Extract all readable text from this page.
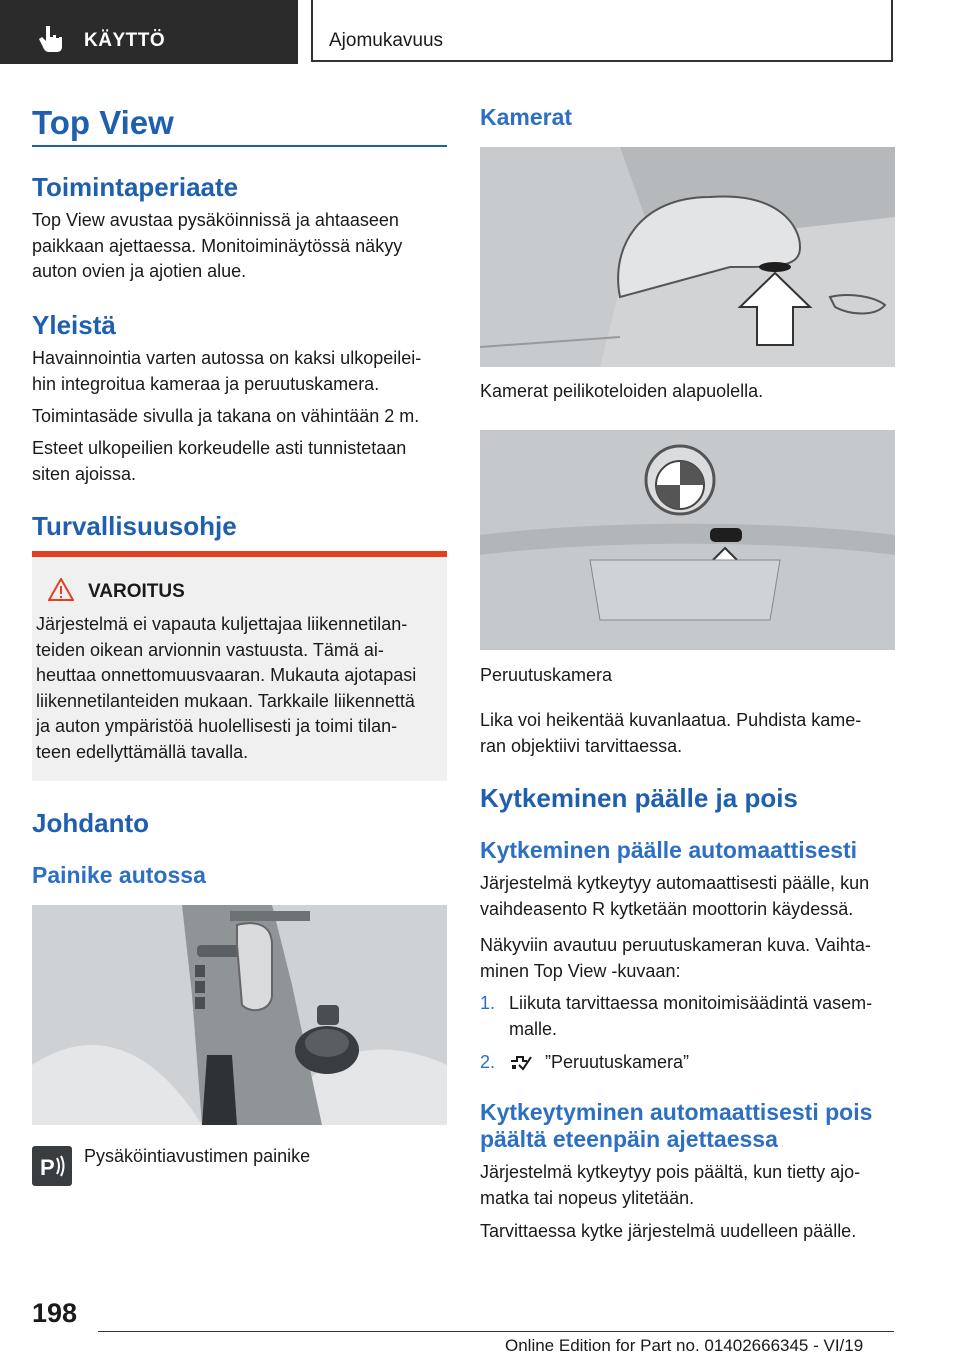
KÄYTTÖ	Ajomukavuus
Top View
Toimintaperiaate
Top View avustaa pysäköinnissä ja ahtaaseen
paikkaan ajettaessa. Monitoiminäytössä näkyy
auton ovien ja ajotien alue.
Yleistä
Havainnointia varten autossa on kaksi ulkopeilei-
hin integroitua kameraa ja peruutuskamera.
Toimintasäde sivulla ja takana on vähintään 2 m.
Esteet ulkopeilien korkeudelle asti tunnistetaan
siten ajoissa.
Turvallisuusohje
VAROITUS
Järjestelmä ei vapauta kuljettajaa liikennetilan-
teiden oikean arvionnin vastuusta. Tämä ai-
heuttaa onnettomuusvaaran. Mukauta ajotapasi
liikennetilanteiden mukaan. Tarkkaile liikennettä
ja auton ympäristöä huolellisesti ja toimi tilan-
teen edellyttämällä tavalla.
Johdanto
Painike autossa
P Pysäköintiavustimen painike
Kamerat
Kamerat peilikoteloiden alapuolella.
Peruutuskamera
Lika voi heikentää kuvanlaatua. Puhdista kame-
ran objektiivi tarvittaessa.
Kytkeminen päälle ja pois
Kytkeminen päälle automaattisesti
Järjestelmä kytkeytyy automaattisesti päälle, kun
vaihdeasento R kytketään moottorin käydessä.
Näkyviin avautuu peruutuskameran kuva. Vaihta-
minen Top View -kuvaan:
1. Liikuta tarvittaessa monitoimisäädintä vasem-
malle.
2.	”Peruutuskamera”
Kytkeytyminen automaattisesti pois
päältä eteenpäin ajettaessa
Järjestelmä kytkeytyy pois päältä, kun tietty ajo-
matka tai nopeus ylitetään.
Tarvittaessa kytke järjestelmä uudelleen päälle.
198
Online Edition for Part no. 01402666345 - VI/19
